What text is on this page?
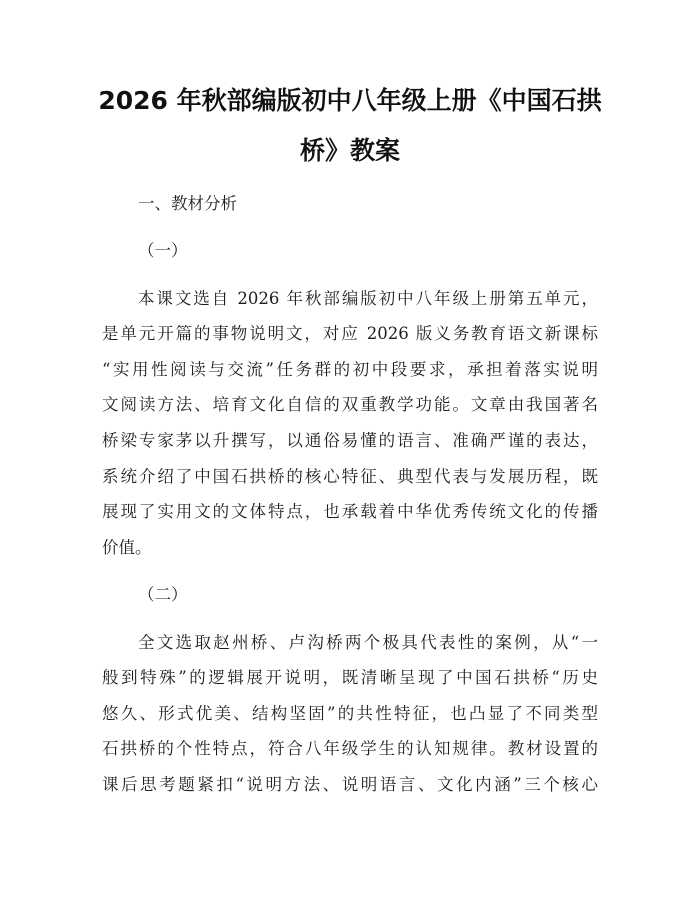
2026 年秋部编版初中八年级上册《中国石拱
桥》教案
一、教材分析
（一）
本课文选自 2026 年秋部编版初中八年级上册第五单元，
是单元开篇的事物说明文，对应 2026 版义务教育语文新课标
“实用性阅读与交流”任务群的初中段要求，承担着落实说明
文阅读方法、培育文化自信的双重教学功能。文章由我国著名
桥梁专家茅以升撰写，以通俗易懂的语言、准确严谨的表达，
系统介绍了中国石拱桥的核心特征、典型代表与发展历程，既
展现了实用文的文体特点，也承载着中华优秀传统文化的传播
价值。
（二）
全文选取赵州桥、卢沟桥两个极具代表性的案例，从“一
般到特殊”的逻辑展开说明，既清晰呈现了中国石拱桥“历史
悠久、形式优美、结构坚固”的共性特征，也凸显了不同类型
石拱桥的个性特点，符合八年级学生的认知规律。教材设置的
课后思考题紧扣“说明方法、说明语言、文化内涵”三个核心
